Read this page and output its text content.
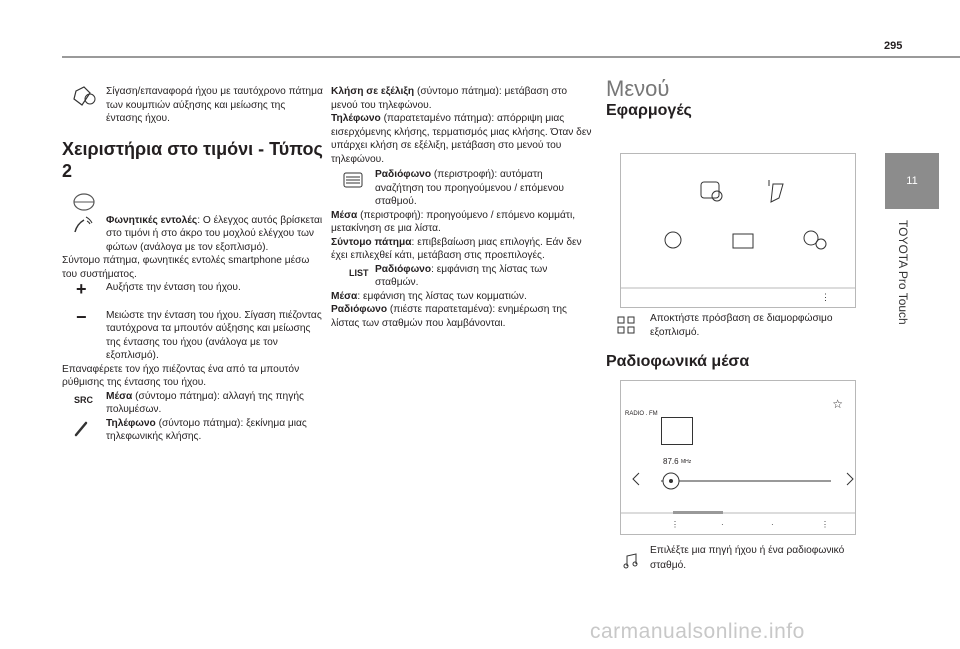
295
11
TOYOTA Pro Touch

Σίγαση/επαναφορά ήχου με ταυτόχρονο πάτημα των κουμπιών αύξησης και μείωσης της έντασης ήχου.

Χειριστήρια στο τιμόνι - Τύπος 2

Φωνητικές εντολές: Ο έλεγχος αυτός βρίσκεται στο τιμόνι ή στο άκρο του μοχλού ελέγχου των φώτων (ανάλογα με τον εξοπλισμό).

Σύντομο πάτημα, φωνητικές εντολές smartphone μέσω του συστήματος.

+ Αυξήστε την ένταση του ήχου.

− Μειώστε την ένταση του ήχου. Σίγαση πιέζοντας ταυτόχρονα τα μπουτόν αύξησης και μείωσης της έντασης του ήχου (ανάλογα με τον εξοπλισμό).

Επαναφέρετε τον ήχο πιέζοντας ένα από τα μπουτόν ρύθμισης της έντασης του ήχου.

SRC Μέσα (σύντομο πάτημα): αλλαγή της πηγής πολυμέσων.

Τηλέφωνο (σύντομο πάτημα): ξεκίνημα μιας τηλεφωνικής κλήσης.

Κλήση σε εξέλιξη (σύντομο πάτημα): μετάβαση στο μενού του τηλεφώνου.

Τηλέφωνο (παρατεταμένο πάτημα): απόρριψη μιας εισερχόμενης κλήσης, τερματισμός μιας κλήσης. Όταν δεν υπάρχει κλήση σε εξέλιξη, μετάβαση στο μενού του τηλεφώνου.

Ραδιόφωνο (περιστροφή): αυτόματη αναζήτηση του προηγούμενου / επόμενου σταθμού.

Μέσα (περιστροφή): προηγούμενο / επόμενο κομμάτι, μετακίνηση σε μια λίστα.

Σύντομο πάτημα: επιβεβαίωση μιας επιλογής. Εάν δεν έχει επιλεχθεί κάτι, μετάβαση στις προεπιλογές.

LIST Ραδιόφωνο: εμφάνιση της λίστας των σταθμών.

Μέσα: εμφάνιση της λίστας των κομματιών.

Ραδιόφωνο (πιέστε παρατεταμένα): ενημέρωση της λίστας των σταθμών που λαμβάνονται.

Μενού

Εφαρμογές
⋮

Αποκτήστε πρόσβαση σε διαμορφώσιμο εξοπλισμό.

Ραδιοφωνικά μέσα
RADIO . FM
☆
87.6 MHz
⋮	·	·	⋮

Επιλέξτε μια πηγή ήχου ή ένα ραδιοφωνικό σταθμό.

carmanualsonline.info
